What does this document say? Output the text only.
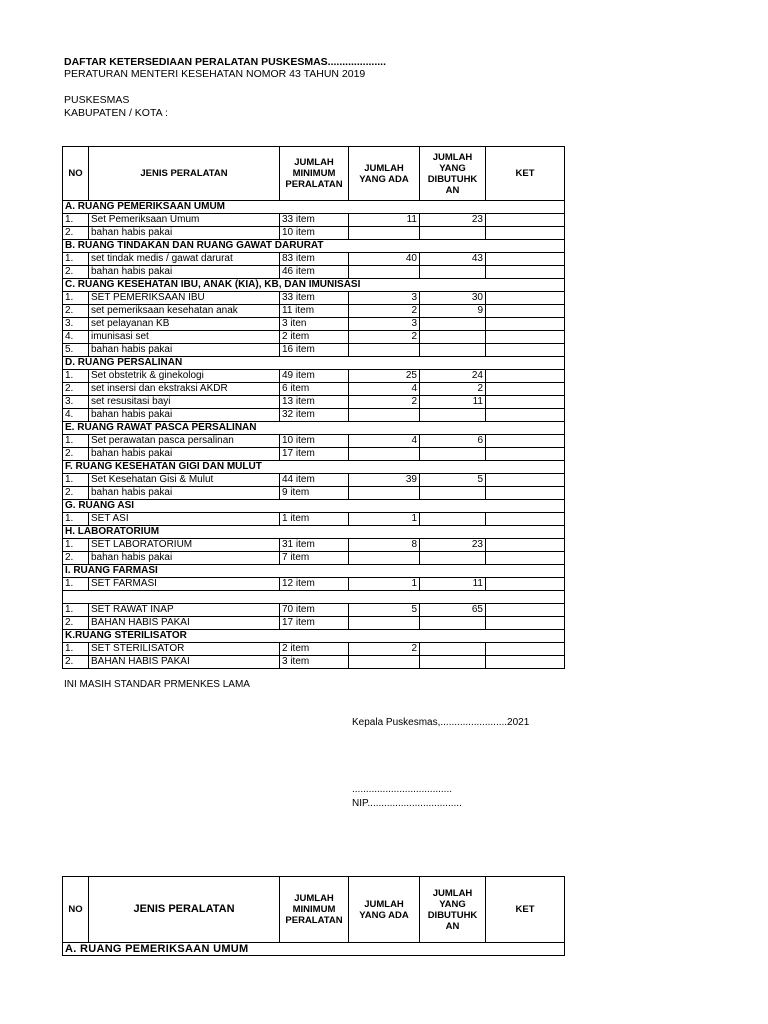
DAFTAR KETERSEDIAAN PERALATAN PUSKESMAS....................
PERATURAN MENTERI KESEHATAN NOMOR 43 TAHUN 2019
PUSKESMAS
KABUPATEN / KOTA :
NO	JENIS PERALATAN	JUMLAH MINIMUM PERALATAN	JUMLAH YANG ADA	JUMLAH YANG DIBUTUHK AN	KET
A. RUANG PEMERIKSAAN UMUM					
1.	Set Pemeriksaan Umum	33 item	11	23	
2.	bahan habis pakai	10 item			
B. RUANG TINDAKAN DAN RUANG GAWAT DARURAT					
1.	set tindak medis / gawat darurat	83 item	40	43	
2.	bahan habis pakai	46 item			
C. RUANG KESEHATAN IBU, ANAK (KIA), KB, DAN IMUNISASI					
1.	SET PEMERIKSAAN IBU	33 item	3	30	
2.	set pemeriksaan kesehatan anak	11 item	2	9	
3.	set pelayanan KB	3 iten	3		
4.	imunisasi set	2 item	2		
5.	bahan habis pakai	16 item			
D. RUANG PERSALINAN					
1.	Set obstetrik & ginekologi	49 item	25	24	
2.	set insersi dan ekstraksi AKDR	6 item	4	2	
3.	set resusitasi bayi	13 item	2	11	
4.	bahan habis pakai	32 item			
E. RUANG RAWAT PASCA PERSALINAN					
1.	Set perawatan pasca persalinan	10 item	4	6	
2.	bahan habis pakai	17 item			
F. RUANG KESEHATAN GIGI DAN MULUT					
1.	Set Kesehatan Gisi & Mulut	44 item	39	5	
2.	bahan habis pakai	9 item			
G. RUANG ASI					
1.	SET ASI	1 item	1		
H. LABORATORIUM					
1.	SET LABORATORIUM	31 item	8	23	
2.	bahan habis pakai	7 item			
I. RUANG FARMASI					
1.	SET FARMASI	12 item	1	11	

1.	SET RAWAT INAP	70 item	5	65	
2.	BAHAN HABIS PAKAI	17 item			
K.RUANG STERILISATOR					
1.	SET STERILISATOR	2 item	2		
2.	BAHAN HABIS PAKAI	3 item			
INI MASIH STANDAR PRMENKES LAMA
Kepala Puskesmas,........................2021
....................................
NIP..................................
NO	JENIS PERALATAN	JUMLAH MINIMUM PERALATAN	JUMLAH YANG ADA	JUMLAH YANG DIBUTUHK AN	KET
A. RUANG PEMERIKSAAN UMUM
